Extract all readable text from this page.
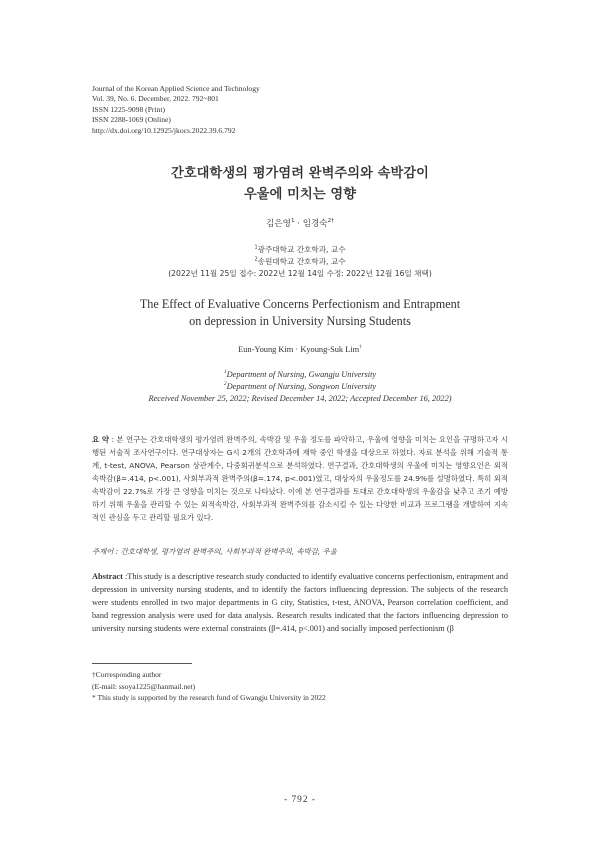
Journal of the Korean Applied Science and Technology
Vol. 39, No. 6. December, 2022. 792~801
ISSN 1225-9098 (Print)
ISSN 2288-1069 (Online)
http://dx.doi.org/10.12925/jkocs.2022.39.6.792
간호대학생의 평가염려 완벽주의와 속박감이
우울에 미치는 영향
김은영$^1$ · 임경숙$^{2\dagger}$
$^1$광주대학교 간호학과, 교수
$^2$송원대학교 간호학과, 교수
(2022년 11월 25일 접수: 2022년 12월 14일 수정: 2022년 12월 16일 채택)
The Effect of Evaluative Concerns Perfectionism and Entrapment
on depression in University Nursing Students
Eun-Young Kim · Kyoung-Suk Lim†
$^1$Department of Nursing, Gwangju University
$^2$Department of Nursing, Songwon University
Received November 25, 2022; Revised December 14, 2022; Accepted December 16, 2022)
요 약 : 본 연구는 간호대학생의 평가염려 완벽주의, 속박감 및 우울 정도를 파악하고, 우울에 영향을 미치는 요인을 규명하고자 시행된 서술적 조사연구이다. 연구대상자는 G시 2개의 간호학과에 재학 중인 학생을 대상으로 하였다. 자료 분석을 위해 기술적 통계, t-test, ANOVA, Pearson 상관계수, 다중회귀분석으로 분석하였다. 연구결과, 간호대학생의 우울에 미치는 영향요인은 외적속박감(β=.414, p<.001), 사회부과적 완벽주의(β=.174, p<.001)였고, 대상자의 우울정도를 24.9%를 설명하였다. 특히 외적속박감이 22.7%로 가장 큰 영향을 미치는 것으로 나타났다. 이에 본 연구결과를 토대로 간호대학생의 우울감을 낮추고 조기 예방하기 위해 우울을 관리할 수 있는 외적속박감, 사회부과적 완벽주의를 감소시킬 수 있는 다양한 비교과 프로그램을 개발하여 지속적인 관심을 두고 관리할 필요가 있다.
주제어 : 간호대학생, 평가염려 완벽주의, 사회부과적 완벽주의, 속박감, 우울
Abstract :This study is a descriptive research study conducted to identify evaluative concerns perfectionism, entrapment and depression in university nursing students, and to identify the factors influencing depression. The subjects of the research were students enrolled in two major departments in G city, Statistics, t-test, ANOVA, Pearson correlation coefficient, and band regression analysis were used for data analysis. Research results indicated that the factors influencing depression to university nursing students were external constraints (β=.414, p<.001) and socially imposed perfectionism (β
†Corresponding author
(E-mail: ssoya1225@hanmail.net)
* This study is supported by the research fund of Gwangju University in 2022
- 792 -
